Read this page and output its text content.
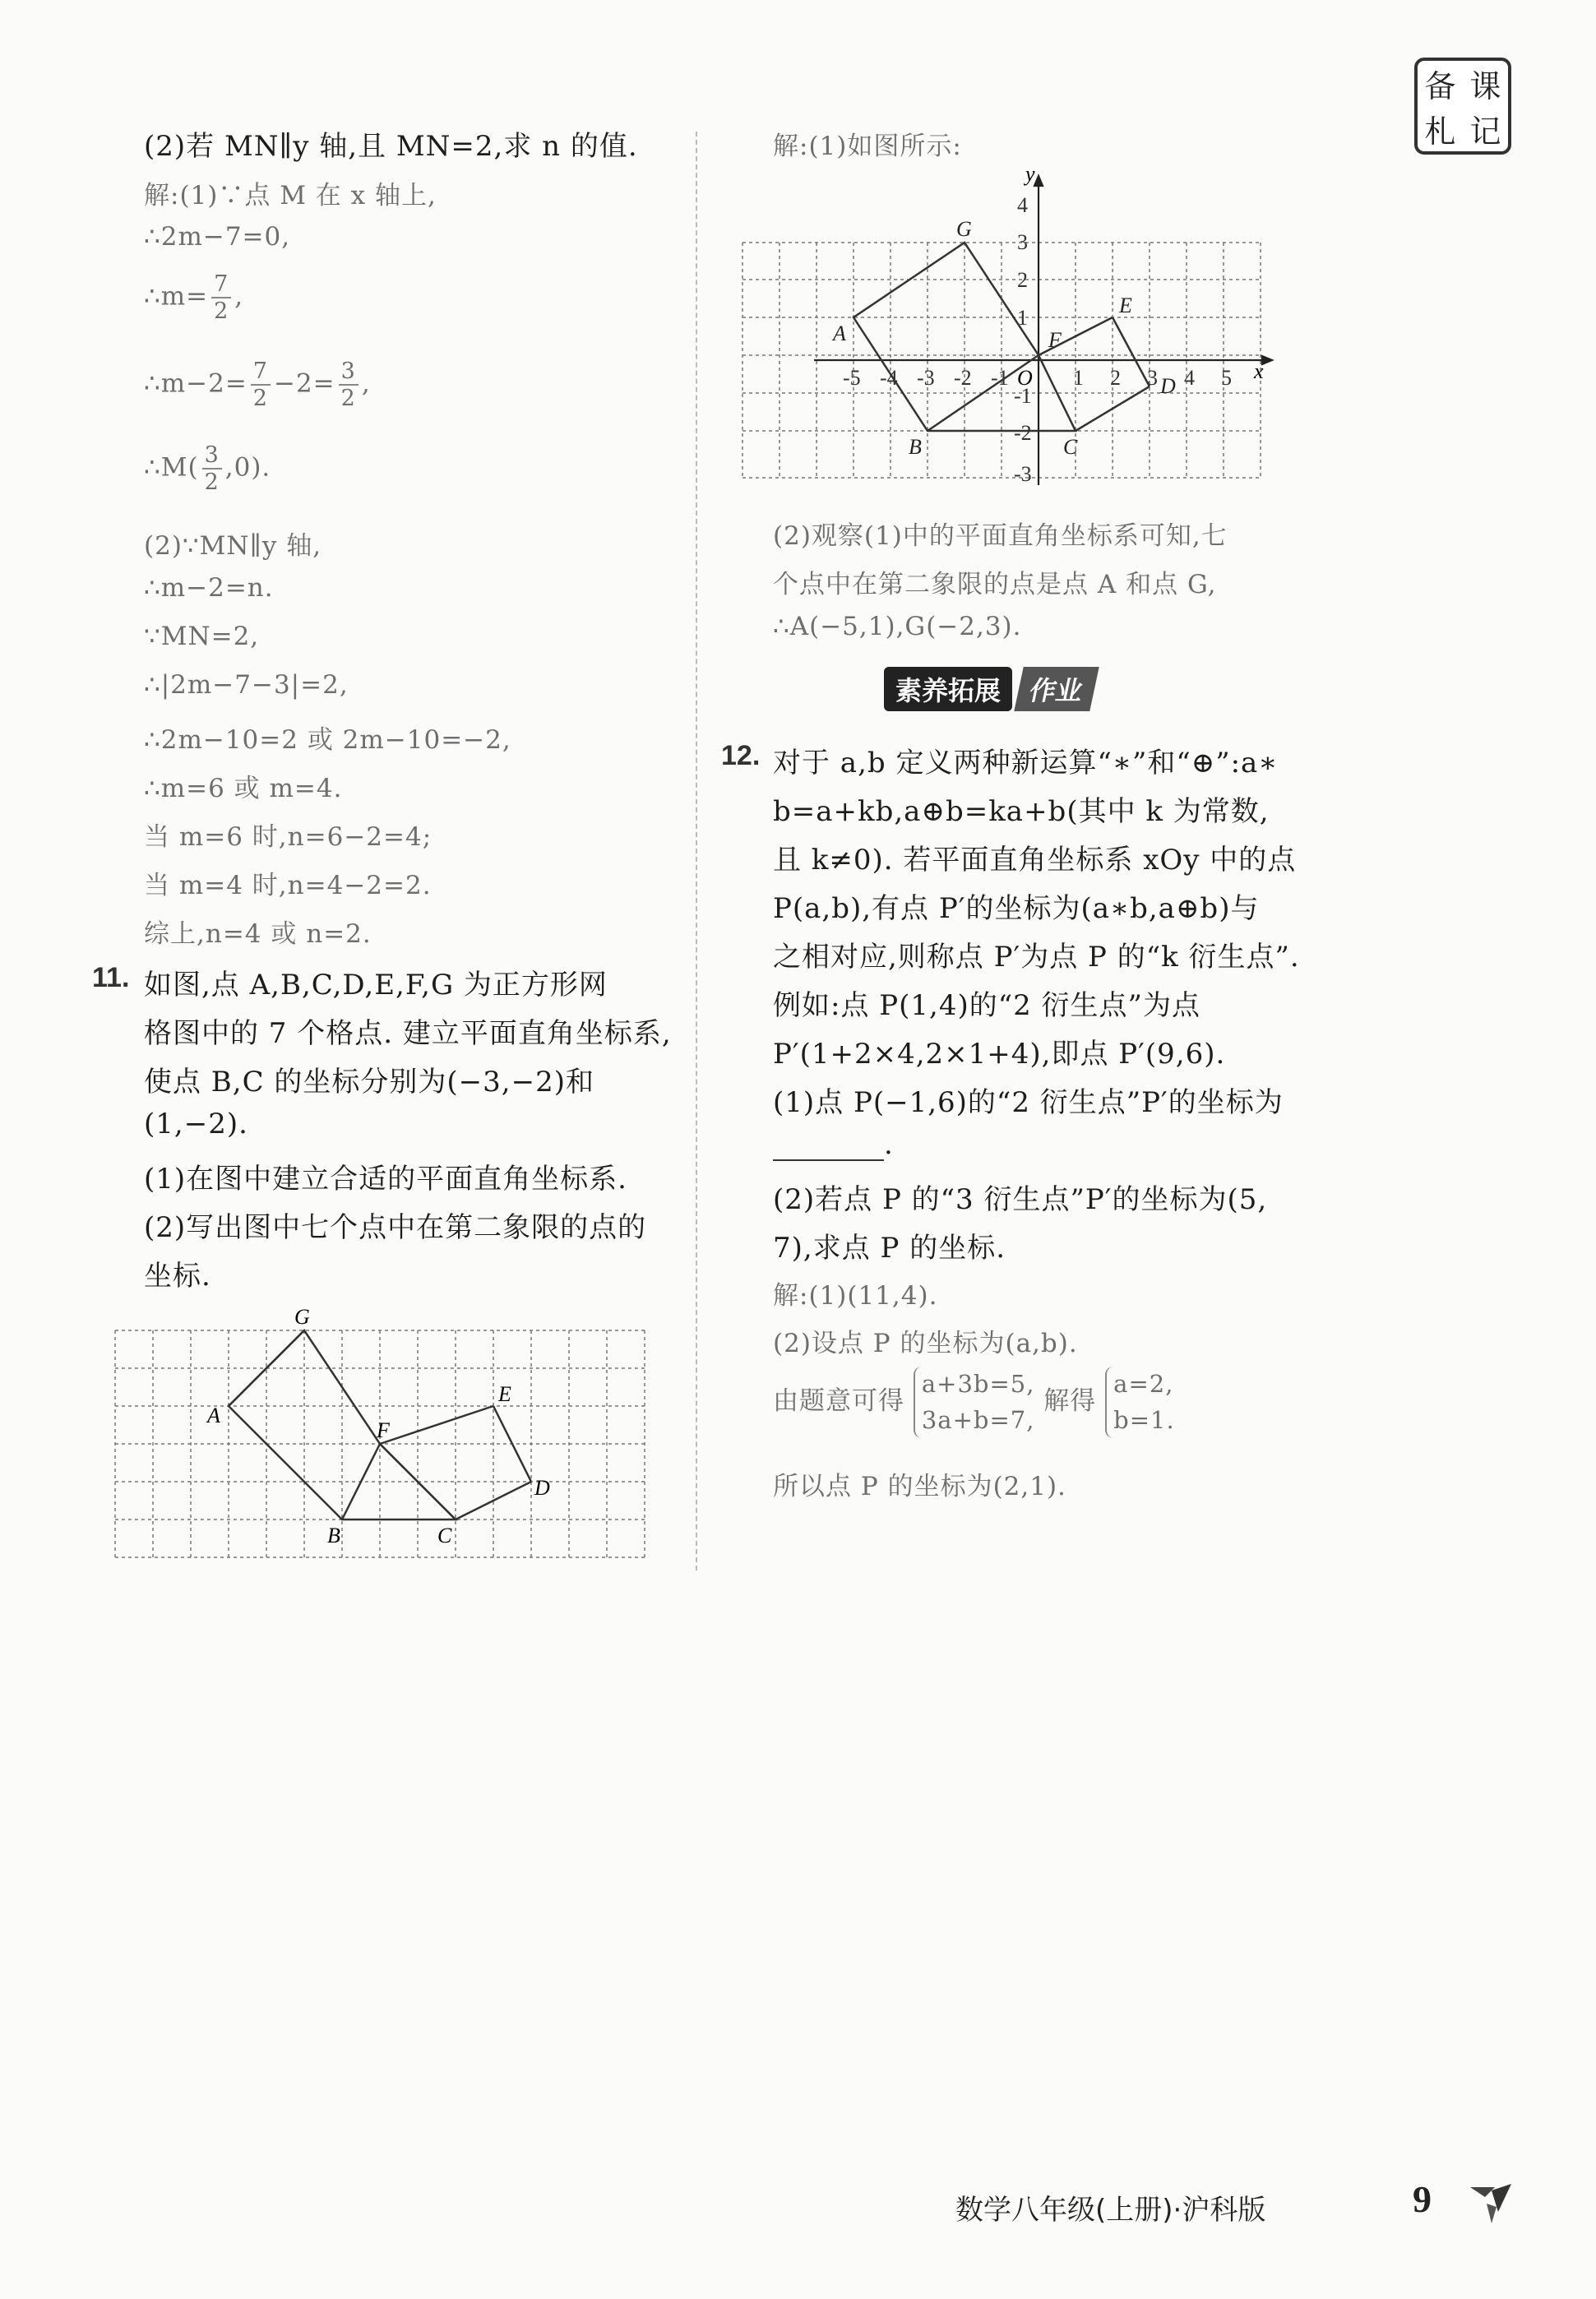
备 课
札 记
(2)若 MN∥y 轴,且 MN=2,求 n 的值.
解:(1)∵点 M 在 x 轴上,
∴2m−7=0,
∴m= $\frac{7}{2}$ ,
∴m−2= $\frac{7}{2} -2= \frac{3}{2}$ ,
∴M( $\frac{3}{2} ,0$).
(2)∵MN∥y 轴,
∴m−2=n.
∵MN=2,
∴|2m−7−3|=2,
∴2m−10=2 或 2m−10=−2,
∴m=6 或 m=4.
当 m=6 时,n=6−2=4;
当 m=4 时,n=4−2=2.
综上,n=4 或 n=2.
11. 如图,点 A,B,C,D,E,F,G 为正方形网
格图中的 7 个格点. 建立平面直角坐标系,
使点 B,C 的坐标分别为(−3,−2)和
(1,−2).
(1)在图中建立合适的平面直角坐标系.
(2)写出图中七个点中在第二象限的点的
坐标.
G
A
F
E
D
B	C
解:(1)如图所示:
y
x
O
-5 -4 -3 -2 -1	1 2 3 4 5
4
3
2
1
-1
-2
-3
G
A	F
E
D
B	C
(2)观察(1)中的平面直角坐标系可知,七
个点中在第二象限的点是点 A 和点 G,
∴A(−5,1),G(−2,3).
素养拓展 作业
12. 对于 a,b 定义两种新运算“∗”和“⊕”:a∗
b=a+kb,a⊕b=ka+b(其中 k 为常数,
且 k≠0). 若平面直角坐标系 xOy 中的点
P(a,b),有点 P′的坐标为(a∗b,a⊕b)与
之相对应,则称点 P′为点 P 的“k 衍生点”.
例如:点 P(1,4)的“2 衍生点”为点
P′(1+2×4,2×1+4),即点 P′(9,6).
(1)点 P(−1,6)的“2 衍生点”P′的坐标为
.
(2)若点 P 的“3 衍生点”P′的坐标为(5,
7),求点 P 的坐标.
解:(1)(11,4).
(2)设点 P 的坐标为(a,b).
由题意可得
a+3b=5,
3a+b=7,
解得
a=2,
b=1.
所以点 P 的坐标为(2,1).
数学八年级(上册)·沪科版	9
